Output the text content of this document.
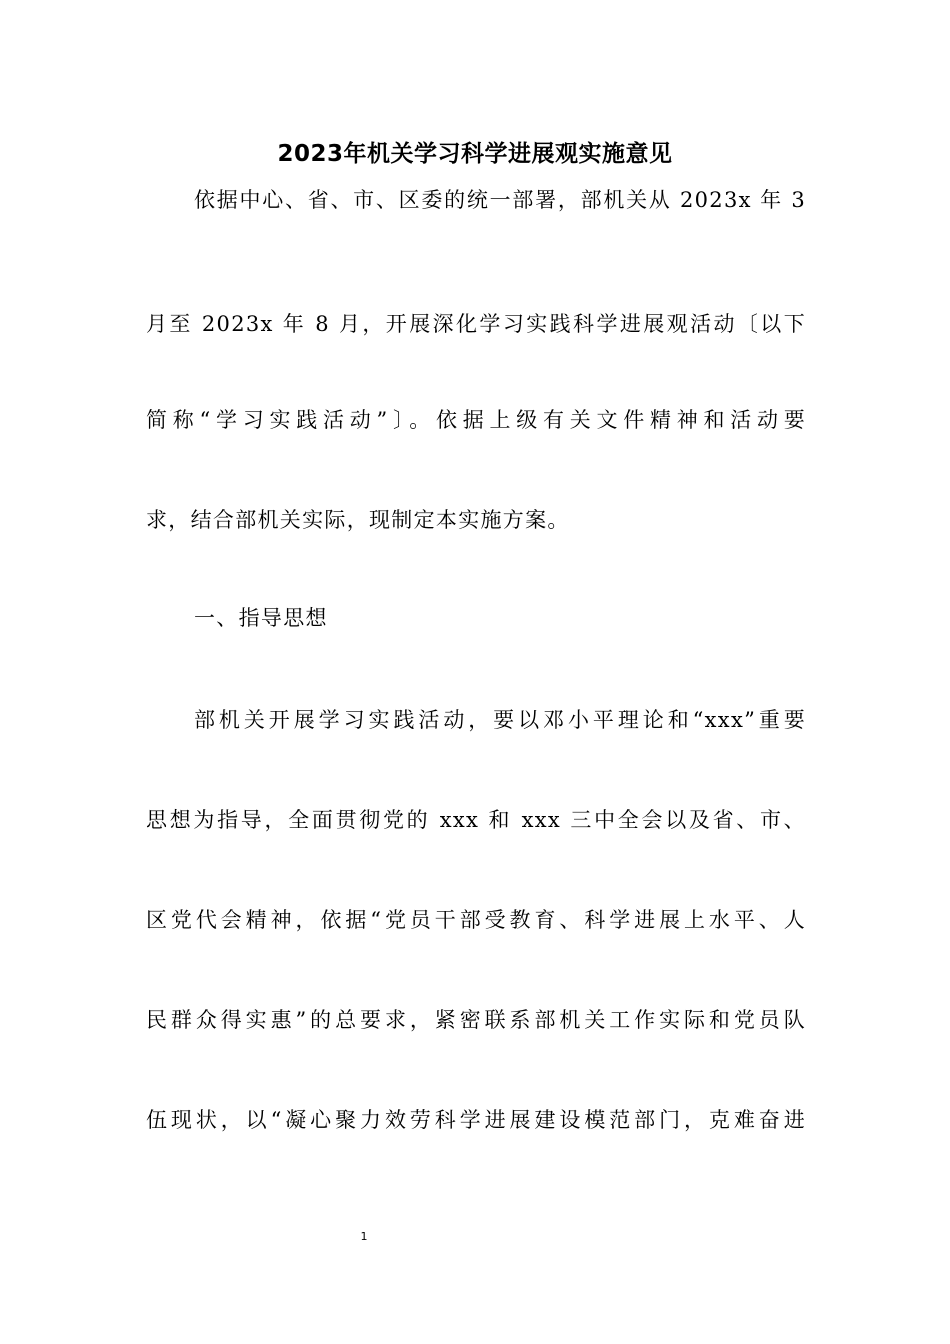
2023年机关学习科学进展观实施意见
依据中心、省、市、区委的统一部署，部机关从 2023x 年 3
月至 2023x 年 8 月，开展深化学习实践科学进展观活动〔以下
简称“学习实践活动”〕。依据上级有关文件精神和活动要
求，结合部机关实际，现制定本实施方案。
一、指导思想
部机关开展学习实践活动，要以邓小平理论和“xxx”重要
思想为指导，全面贯彻党的 xxx 和 xxx 三中全会以及省、市、
区党代会精神，依据“党员干部受教育、科学进展上水平、人
民群众得实惠”的总要求，紧密联系部机关工作实际和党员队
伍现状，以“凝心聚力效劳科学进展建设模范部门，克难奋进
1
